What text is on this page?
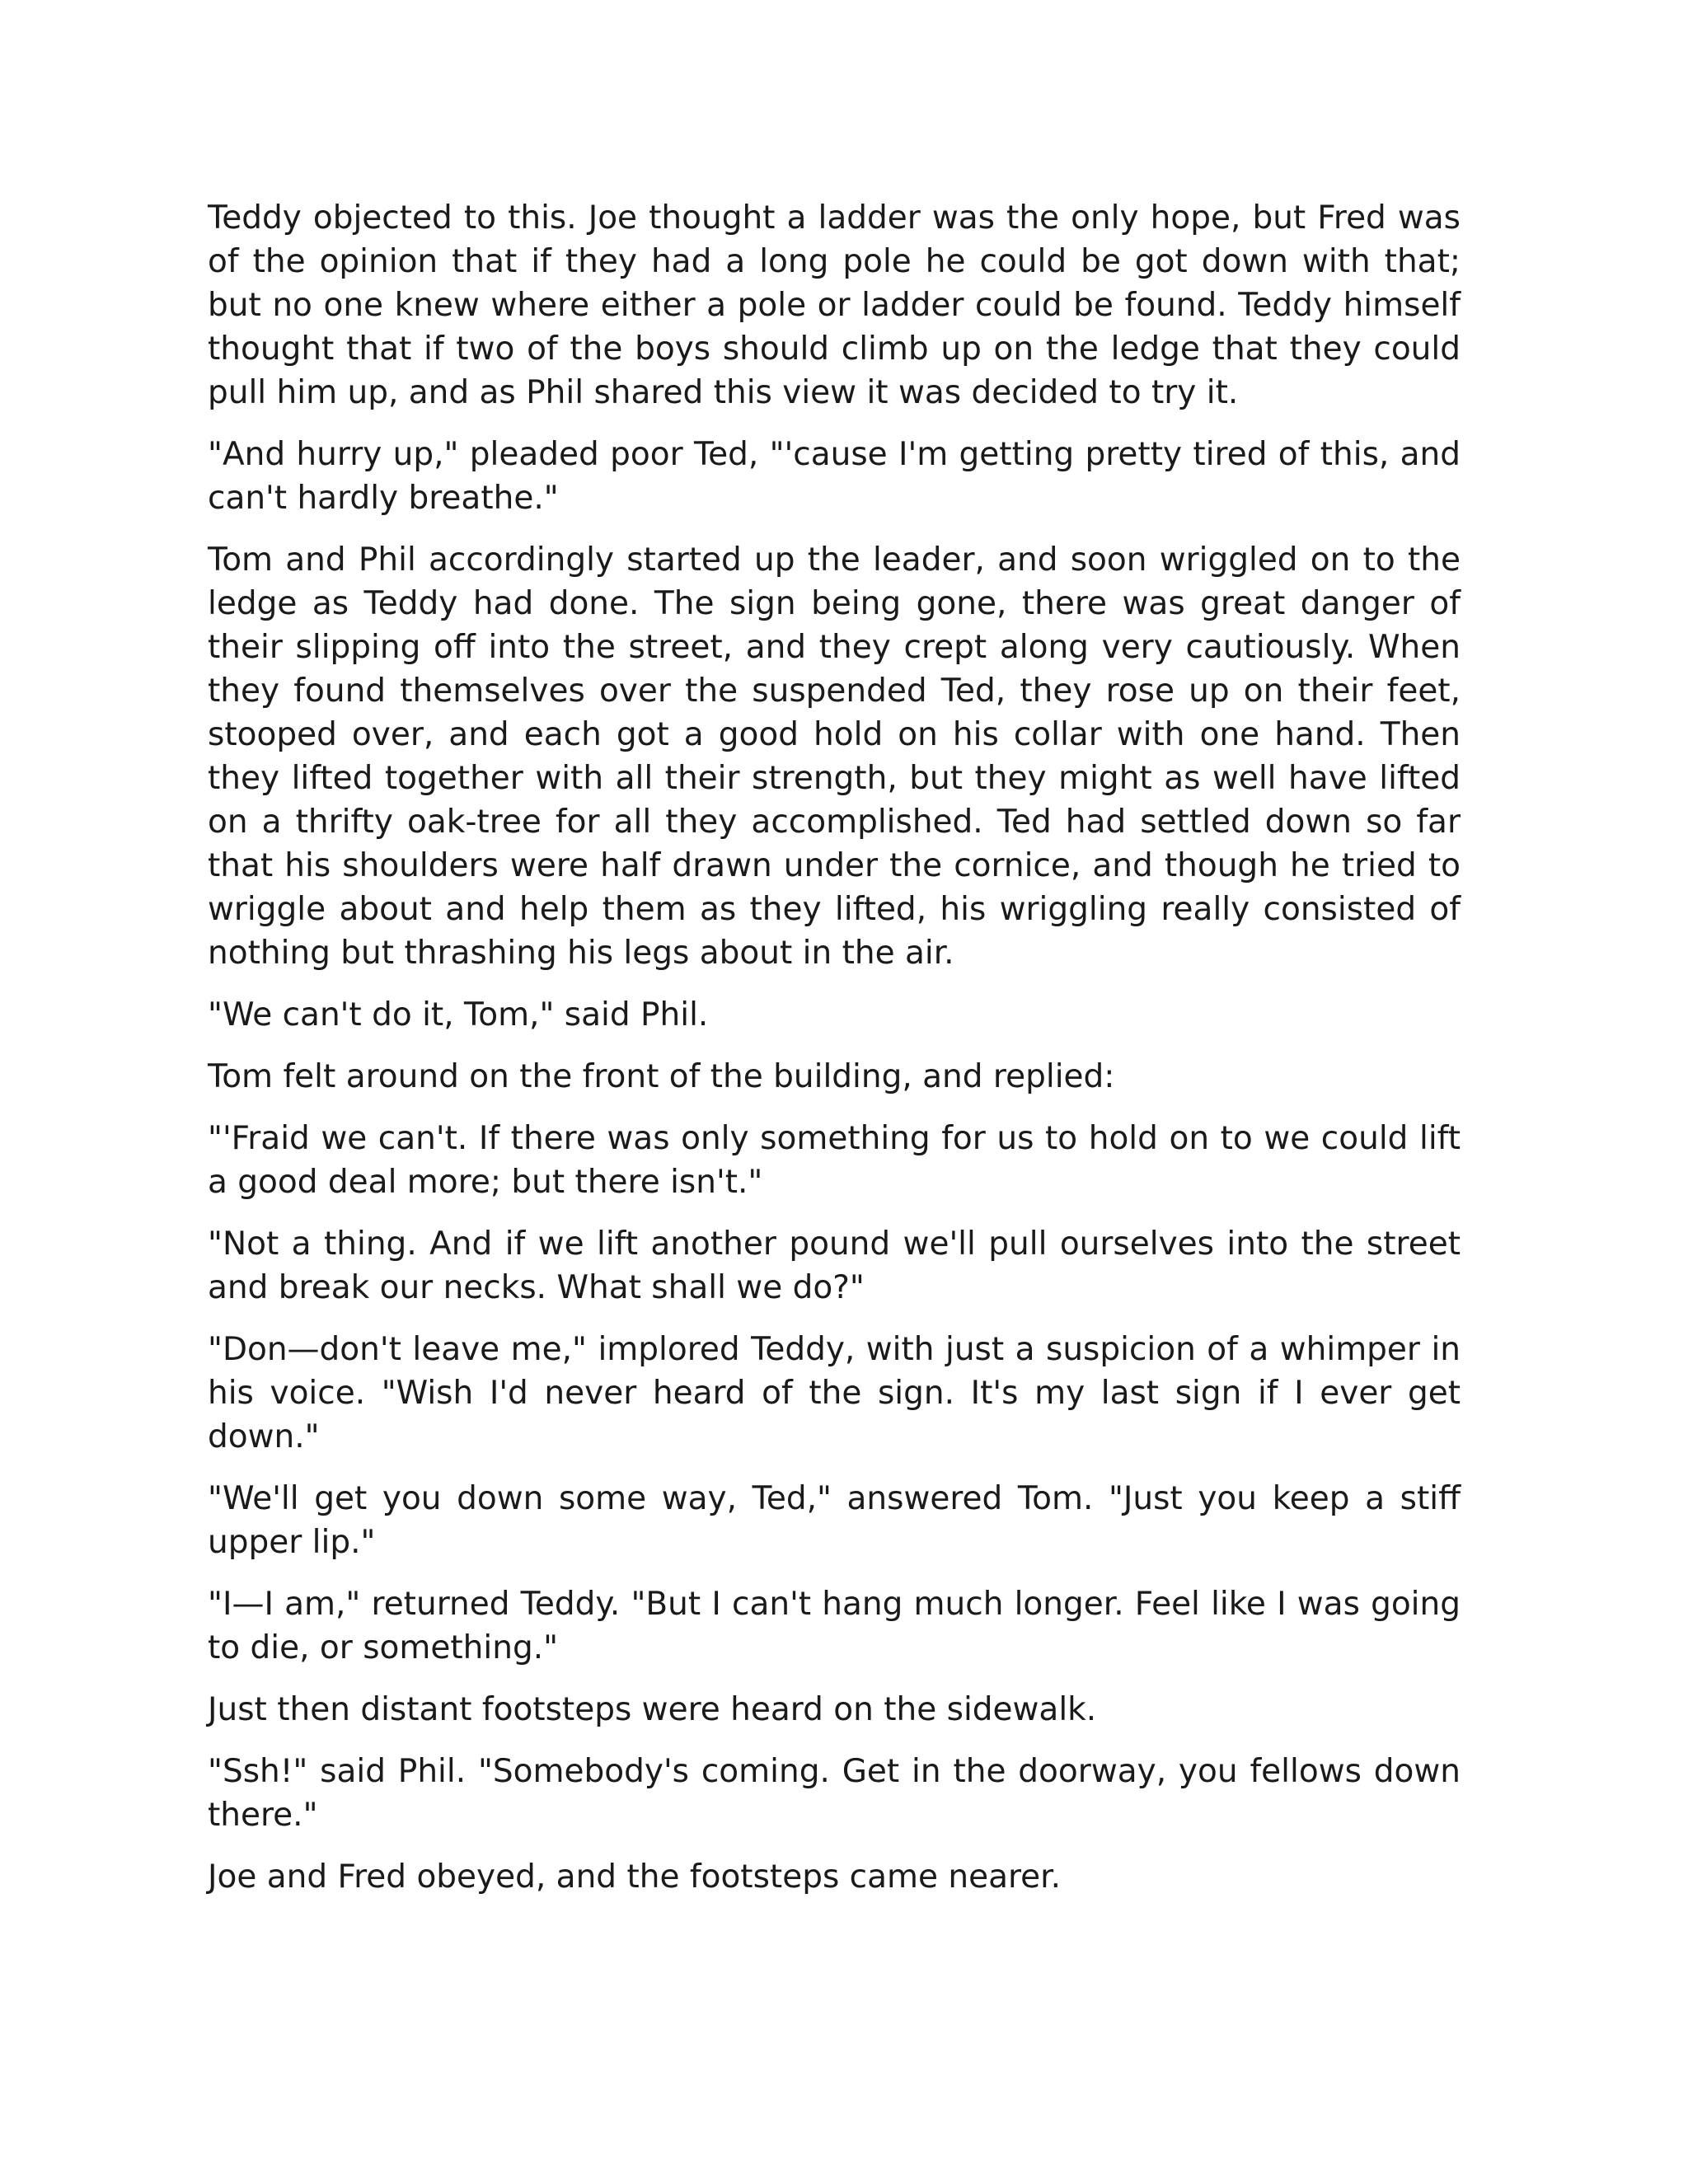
Teddy objected to this. Joe thought a ladder was the only hope, but Fred was of the opinion that if they had a long pole he could be got down with that; but no one knew where either a pole or ladder could be found. Teddy himself thought that if two of the boys should climb up on the ledge that they could pull him up, and as Phil shared this view it was decided to try it.

"And hurry up," pleaded poor Ted, "'cause I'm getting pretty tired of this, and can't hardly breathe."

Tom and Phil accordingly started up the leader, and soon wriggled on to the ledge as Teddy had done. The sign being gone, there was great danger of their slipping off into the street, and they crept along very cautiously. When they found themselves over the suspended Ted, they rose up on their feet, stooped over, and each got a good hold on his collar with one hand. Then they lifted together with all their strength, but they might as well have lifted on a thrifty oak-tree for all they accomplished. Ted had settled down so far that his shoulders were half drawn under the cornice, and though he tried to wriggle about and help them as they lifted, his wriggling really consisted of nothing but thrashing his legs about in the air.

"We can't do it, Tom," said Phil.

Tom felt around on the front of the building, and replied:

"'Fraid we can't. If there was only something for us to hold on to we could lift a good deal more; but there isn't."

"Not a thing. And if we lift another pound we'll pull ourselves into the street and break our necks. What shall we do?"

"Don—don't leave me," implored Teddy, with just a suspicion of a whimper in his voice. "Wish I'd never heard of the sign. It's my last sign if I ever get down."

"We'll get you down some way, Ted," answered Tom. "Just you keep a stiff upper lip."

"I—I am," returned Teddy. "But I can't hang much longer. Feel like I was going to die, or something."

Just then distant footsteps were heard on the sidewalk.

"Ssh!" said Phil. "Somebody's coming. Get in the doorway, you fellows down there."

Joe and Fred obeyed, and the footsteps came nearer.
